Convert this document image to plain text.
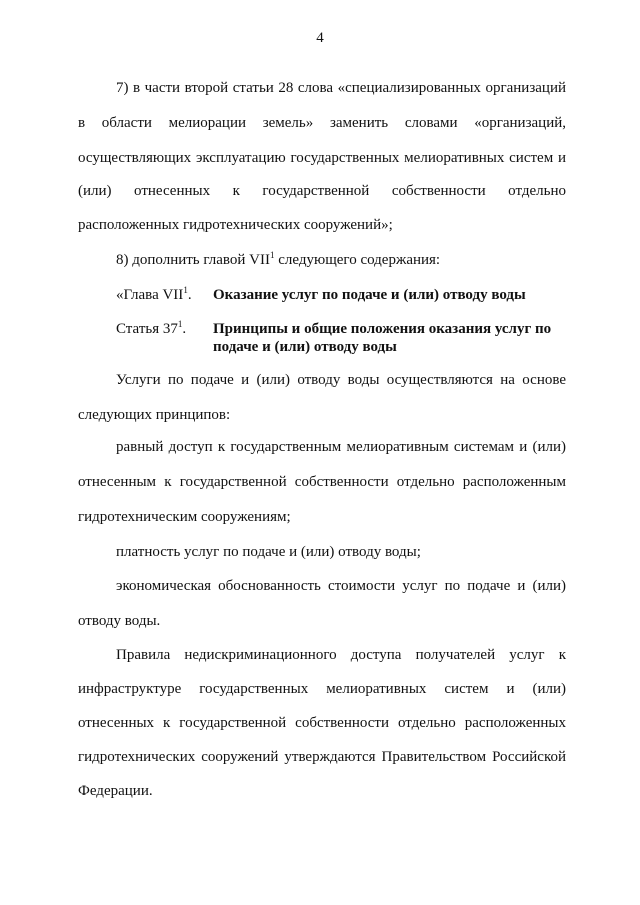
4
7) в части второй статьи 28 слова «специализированных организаций
в области мелиорации земель» заменить словами «организаций,
осуществляющих эксплуатацию государственных мелиоративных систем и
(или) отнесенных к государственной собственности отдельно
расположенных гидротехнических сооружений»;
8) дополнить главой VII$^1$ следующего содержания:
«Глава VII$^1$. Оказание услуг по подаче и (или) отводу воды
Статья $37^1$. Принципы и общие положения оказания услуг по
подаче и (или) отводу воды
Услуги по подаче и (или) отводу воды осуществляются на основе
следующих принципов:
равный доступ к государственным мелиоративным системам и (или)
отнесенным к государственной собственности отдельно расположенным
гидротехническим сооружениям;
платность услуг по подаче и (или) отводу воды;
экономическая обоснованность стоимости услуг по подаче и (или)
отводу воды.
Правила недискриминационного доступа получателей услуг к
инфраструктуре государственных мелиоративных систем и (или)
отнесенных к государственной собственности отдельно расположенных
гидротехнических сооружений утверждаются Правительством Российской
Федерации.
